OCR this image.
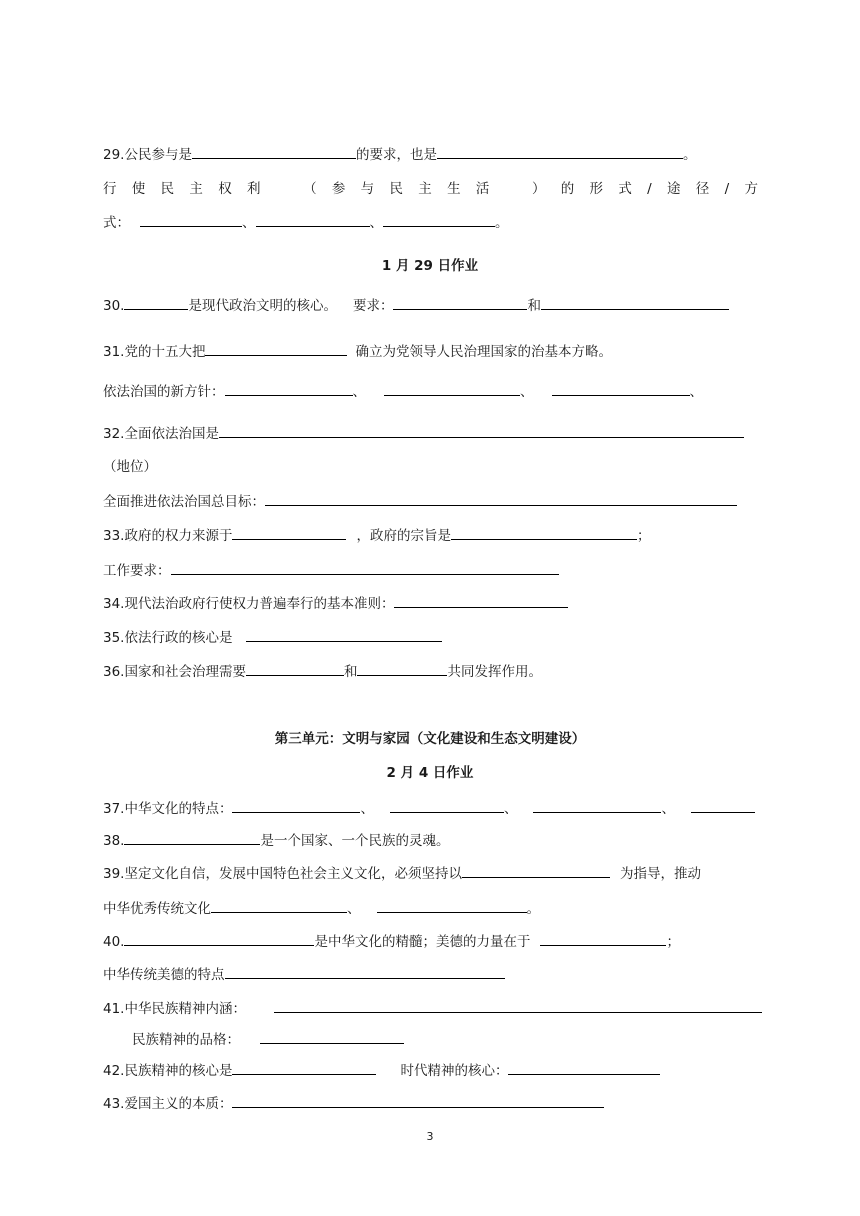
29.公民参与是	的要求，也是	。
行 使 民 主 权 利	（ 参 与 民 主 生 活	） 的 形 式 / 途 径 / 方
式：	、	、	。
1 月 29 日作业
30.	是现代政治文明的核心。 要求：	和
31.党的十五大把	确立为党领导人民治理国家的治基本方略。
依法治国的新方针：	、	、	、
32.全面依法治国是
（地位）
全面推进依法治国总目标：
33.政府的权力来源于	，政府的宗旨是	；
工作要求：
34.现代法治政府行使权力普遍奉行的基本准则：
35.依法行政的核心是
36.国家和社会治理需要	和	共同发挥作用。
第三单元：文明与家园（文化建设和生态文明建设）
2 月 4 日作业
37.中华文化的特点：	、	、	、
38.	是一个国家、一个民族的灵魂。
39.坚定文化自信，发展中国特色社会主义文化，必须坚持以	为指导，推动
中华优秀传统文化	、	。
40.	是中华文化的精髓；美德的力量在于	；
中华传统美德的特点
41.中华民族精神内涵：
民族精神的品格：
42.民族精神的核心是	时代精神的核心：
43.爱国主义的本质：
3
